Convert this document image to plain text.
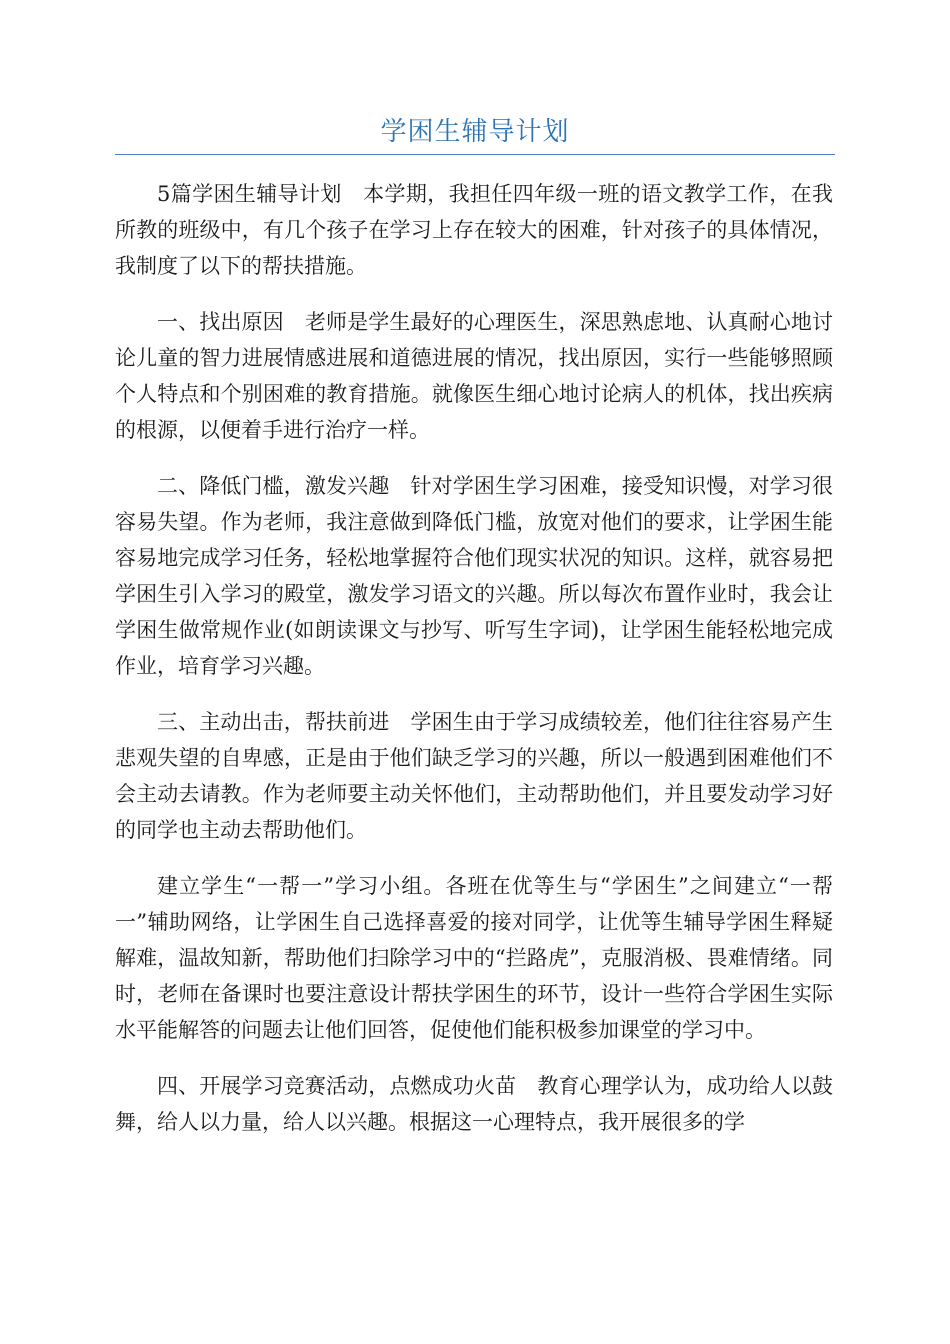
学困生辅导计划

5篇学困生辅导计划　本学期，我担任四年级一班的语文教学工作，在我所教的班级中，有几个孩子在学习上存在较大的困难，针对孩子的具体情况，我制度了以下的帮扶措施。

一、找出原因　老师是学生最好的心理医生，深思熟虑地、认真耐心地讨论儿童的智力进展情感进展和道德进展的情况，找出原因，实行一些能够照顾个人特点和个别困难的教育措施。就像医生细心地讨论病人的机体，找出疾病的根源，以便着手进行治疗一样。

二、降低门槛，激发兴趣　针对学困生学习困难，接受知识慢，对学习很容易失望。作为老师，我注意做到降低门槛，放宽对他们的要求，让学困生能容易地完成学习任务，轻松地掌握符合他们现实状况的知识。这样，就容易把学困生引入学习的殿堂，激发学习语文的兴趣。所以每次布置作业时，我会让学困生做常规作业(如朗读课文与抄写、听写生字词)，让学困生能轻松地完成作业，培育学习兴趣。

三、主动出击，帮扶前进　学困生由于学习成绩较差，他们往往容易产生悲观失望的自卑感，正是由于他们缺乏学习的兴趣，所以一般遇到困难他们不会主动去请教。作为老师要主动关怀他们，主动帮助他们，并且要发动学习好的同学也主动去帮助他们。

建立学生“一帮一”学习小组。各班在优等生与“学困生”之间建立“一帮一”辅助网络，让学困生自己选择喜爱的接对同学，让优等生辅导学困生释疑解难，温故知新，帮助他们扫除学习中的“拦路虎”，克服消极、畏难情绪。同时，老师在备课时也要注意设计帮扶学困生的环节，设计一些符合学困生实际水平能解答的问题去让他们回答，促使他们能积极参加课堂的学习中。

四、开展学习竞赛活动，点燃成功火苗　教育心理学认为，成功给人以鼓舞，给人以力量，给人以兴趣。根据这一心理特点，我开展很多的学
